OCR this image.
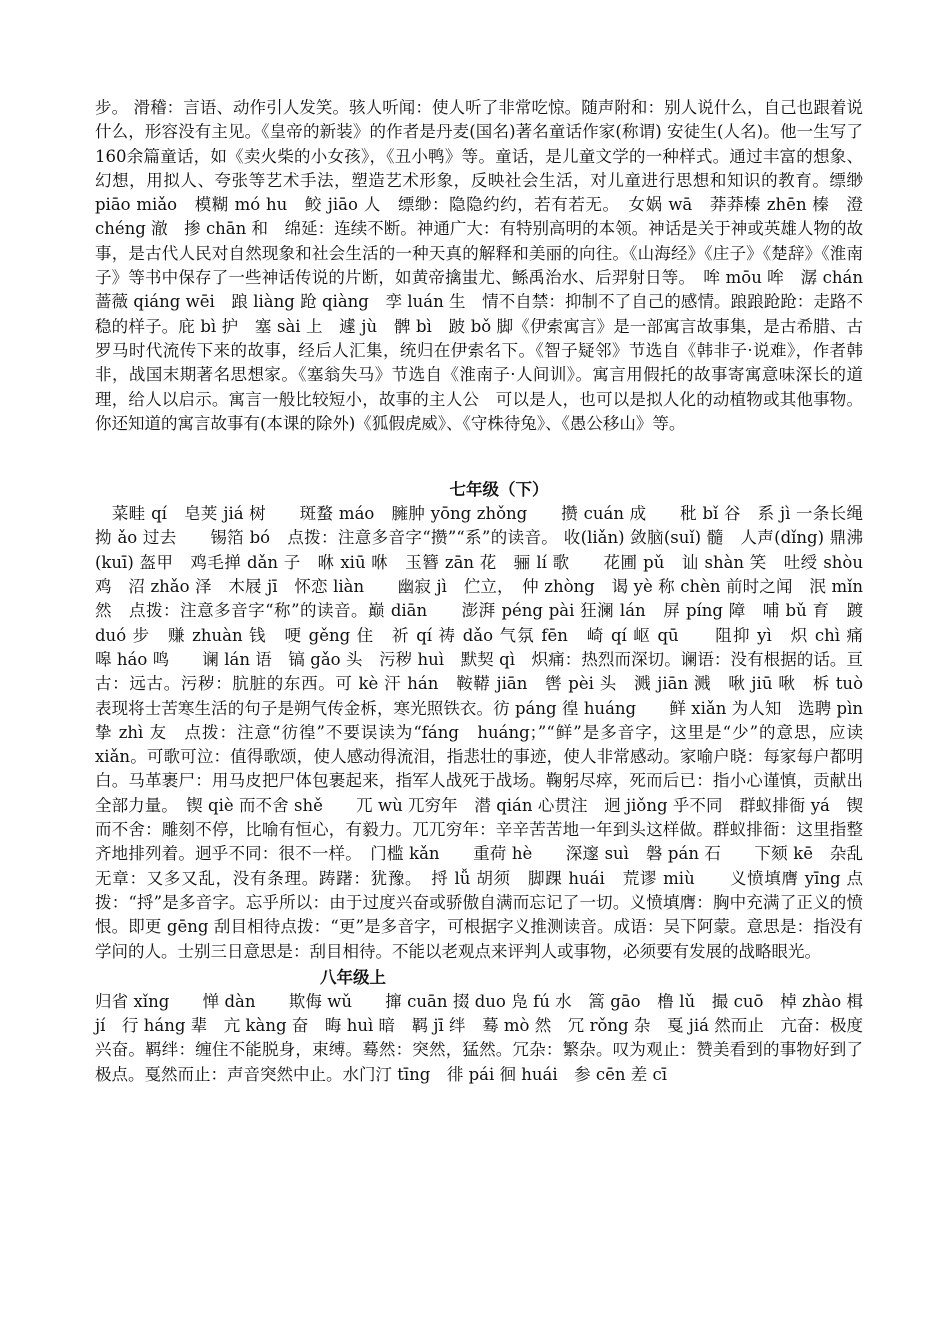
步。 滑稽：言语、动作引人发笑。骇人听闻：使人听了非常吃惊。随声附和：别人说什么，自己也跟着说什么，形容没有主见。《皇帝的新装》的作者是丹麦(国名)著名童话作家(称谓) 安徒生(人名)。他一生写了160余篇童话，如《卖火柴的小女孩》，《丑小鸭》等。童话，是儿童文学的一种样式。通过丰富的想象、幻想，用拟人、夸张等艺术手法，塑造艺术形象，反映社会生活，对儿童进行思想和知识的教育。缥缈 piāo miǎo　模糊 mó hu　鲛 jiāo 人　缥缈：隐隐约约，若有若无。　女娲 wā　莽莽榛 zhēn 榛　澄 chéng 澈　掺 chān 和　绵延：连续不断。神通广大：有特别高明的本领。神话是关于神或英雄人物的故事，是古代人民对自然现象和社会生活的一种天真的解释和美丽的向往。《山海经》《庄子》《楚辞》《淮南子》等书中保存了一些神话传说的片断，如黄帝擒蚩尤、鲧禹治水、后羿射日等。　哞 mōu 哞　潺 chán　蔷薇 qiáng wēi　踉 liàng 跄 qiàng　孪 luán 生　情不自禁：抑制不了自己的感情。踉踉跄跄：走路不稳的样子。庇 bì 护　塞 sài 上　遽 jù　髀 bì　跛 bǒ 脚《伊索寓言》是一部寓言故事集，是古希腊、古罗马时代流传下来的故事，经后人汇集，统归在伊索名下。《智子疑邻》节选自《韩非子·说难》，作者韩非，战国末期著名思想家。《塞翁失马》节选自《淮南子·人间训》。寓言用假托的故事寄寓意味深长的道理，给人以启示。寓言一般比较短小，故事的主人公　可以是人，也可以是拟人化的动植物或其他事物。你还知道的寓言故事有(本课的除外)《狐假虎威》、《守株待兔》、《愚公移山》等。

七年级（下）

　菜畦 qí　皂荚 jiá 树　　斑蝥 máo　臃肿 yōng zhǒng　　攒 cuán 成　　秕 bǐ 谷　系 jì 一条长绳　拗 ǎo 过去　　锡箔 bó　点拨：注意多音字“攒”“系”的读音。 收(liǎn) 敛脑(suǐ) 髓　人声(dǐng) 鼎沸(kuī) 盔甲　鸡毛掸 dǎn 子　咻 xiū 咻　玉簪 zān 花　骊 lí 歌　　花圃 pǔ　讪 shàn 笑　吐绶 shòu 鸡　沼 zhǎo 泽　木屐 jī　怀恋 liàn　　幽寂 jì　伫立，　仲 zhòng　谒 yè 称 chèn 前时之闻　泯 mǐn 然　点拨：注意多音字“称”的读音。巅 diān　　澎湃 péng pài 狂澜 lán　屏 píng 障　哺 bǔ 育　踱 duó 步　赚 zhuàn 钱　哽 gěng 住　祈 qí 祷 dǎo 气氛 fēn　崎 qí 岖 qū　　阻抑 yì　炽 chì 痛　　嗥 háo 鸣　　谰 lán 语　镐 gǎo 头　污秽 huì　默契 qì　炽痛：热烈而深切。谰语：没有根据的话。亘古：远古。污秽：肮脏的东西。可 kè 汗 hán　鞍鞯 jiān　辔 pèi 头　溅 jiān 溅　啾 jiū 啾　柝 tuò　表现将士苦寒生活的句子是朔气传金柝，寒光照铁衣。彷 páng 徨 huáng　　鲜 xiǎn 为人知　选聘 pìn　挚 zhì 友　点拨：注意“彷徨”不要误读为“fáng　huáng；”“鲜”是多音字，这里是“少”的意思，应读 xiǎn。可歌可泣：值得歌颂，使人感动得流泪，指悲壮的事迹，使人非常感动。家喻户晓：每家每户都明白。马革裹尸：用马皮把尸体包裹起来，指军人战死于战场。鞠躬尽瘁，死而后已：指小心谨慎，贡献出全部力量。　锲 qiè 而不舍 shě　　兀 wù 兀穷年　潜 qián 心贯注　迥 jiǒng 乎不同　群蚁排衙 yá　锲而不舍：雕刻不停，比喻有恒心，有毅力。兀兀穷年：辛辛苦苦地一年到头这样做。群蚁排衙：这里指整齐地排列着。迥乎不同：很不一样。　门槛 kǎn　　重荷 hè　　深邃 suì　磐 pán 石　　下颏 kē　杂乱无章：又多又乱，没有条理。踌躇：犹豫。　捋 lǚ 胡须　脚踝 huái　荒谬 miù　　义愤填膺 yīng 点拨：“捋”是多音字。忘乎所以：由于过度兴奋或骄傲自满而忘记了一切。义愤填膺：胸中充满了正义的愤恨。即更 gēng 刮目相待点拨：“更”是多音字，可根据字义推测读音。成语：吴下阿蒙。意思是：指没有学问的人。士别三日意思是：刮目相待。不能以老观点来评判人或事物，必须要有发展的战略眼光。

八年级上

归省 xǐng　　惮 dàn　　欺侮 wǔ　　撺 cuān 掇 duo 凫 fú 水　篙 gāo　橹 lǔ　撮 cuō　棹 zhào 楫 jí　行 háng 辈　亢 kàng 奋　晦 huì 暗　羁 jī 绊　蓦 mò 然　冗 rǒng 杂　戛 jiá 然而止　亢奋：极度兴奋。羁绊：缠住不能脱身，束缚。蓦然：突然，猛然。冗杂：繁杂。叹为观止：赞美看到的事物好到了极点。戛然而止：声音突然中止。水门汀 tīng　徘 pái 徊 huái　参 cēn 差 cī
